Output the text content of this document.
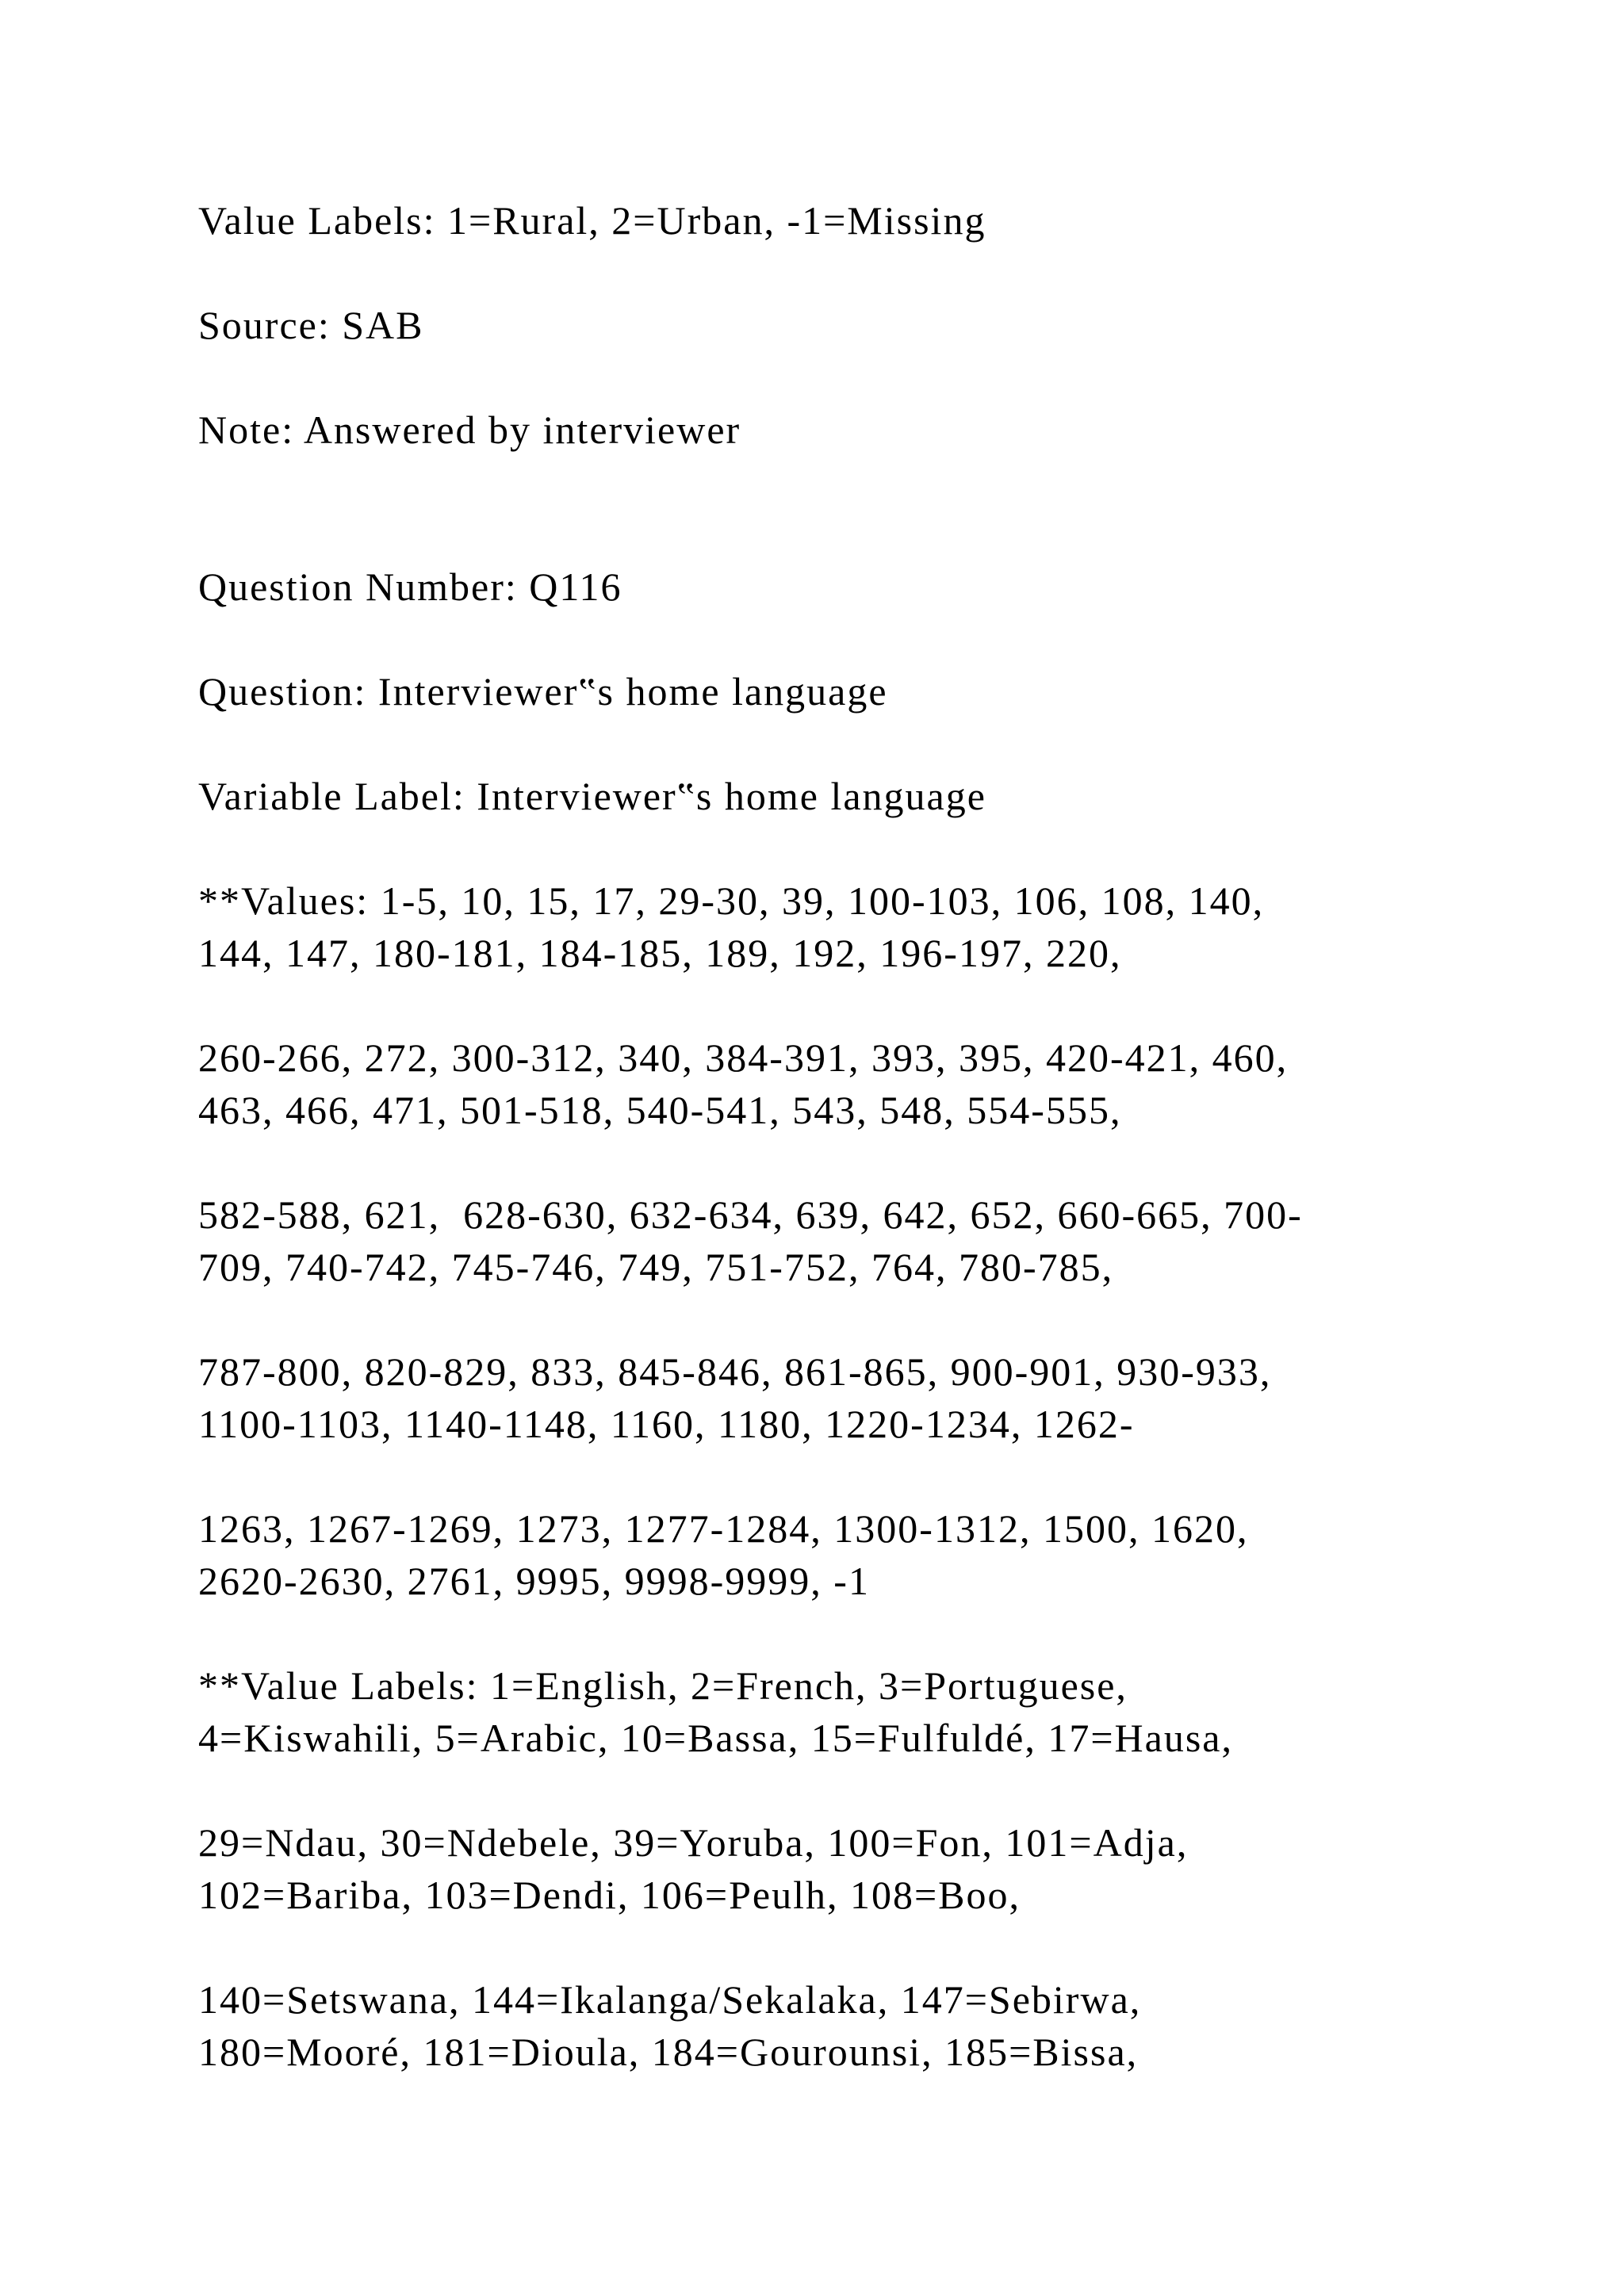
Value Labels: 1=Rural, 2=Urban, -1=Missing
Source: SAB
Note: Answered by interviewer
Question Number: Q116
Question: Interviewer‟s home language
Variable Label: Interviewer‟s home language
**Values: 1-5, 10, 15, 17, 29-30, 39, 100-103, 106, 108, 140,
144, 147, 180-181, 184-185, 189, 192, 196-197, 220,
260-266, 272, 300-312, 340, 384-391, 393, 395, 420-421, 460,
463, 466, 471, 501-518, 540-541, 543, 548, 554-555,
582-588, 621,  628-630, 632-634, 639, 642, 652, 660-665, 700-
709, 740-742, 745-746, 749, 751-752, 764, 780-785,
787-800, 820-829, 833, 845-846, 861-865, 900-901, 930-933,
1100-1103, 1140-1148, 1160, 1180, 1220-1234, 1262-
1263, 1267-1269, 1273, 1277-1284, 1300-1312, 1500, 1620,
2620-2630, 2761, 9995, 9998-9999, -1
**Value Labels: 1=English, 2=French, 3=Portuguese,
4=Kiswahili, 5=Arabic, 10=Bassa, 15=Fulfuldé, 17=Hausa,
29=Ndau, 30=Ndebele, 39=Yoruba, 100=Fon, 101=Adja,
102=Bariba, 103=Dendi, 106=Peulh, 108=Boo,
140=Setswana, 144=Ikalanga/Sekalaka, 147=Sebirwa,
180=Mooré, 181=Dioula, 184=Gourounsi, 185=Bissa,
